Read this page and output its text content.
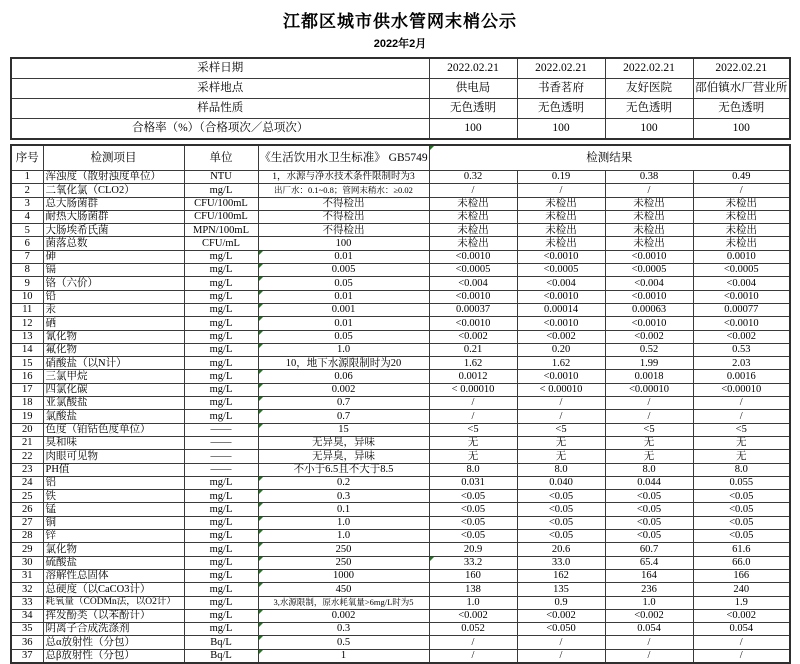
江都区城市供水管网末梢公示
2022年2月
采样日期	2022.02.21	2022.02.21	2022.02.21	2022.02.21
采样地点	供电局	书香茗府	友好医院	邵伯镇水厂营业所
样品性质	无色透明	无色透明	无色透明	无色透明
合格率（%）（合格项次／总项次）	100	100	100	100
序号	检测项目	单位	《生活饮用水卫生标准》 GB5749	检测结果			
1	浑浊度（散射浊度单位）	NTU	1，水源与净水技术条件限制时为3	0.32	0.19	0.38	0.49
2	二氧化氯（CLO2）	mg/L	出厂水：0.1~0.8；管网末稍水：≥0.02	/	/	/	/
3	总大肠菌群	CFU/100mL	不得检出	未检出	未检出	未检出	未检出
4	耐热大肠菌群	CFU/100mL	不得检出	未检出	未检出	未检出	未检出
5	大肠埃希氏菌	MPN/100mL	不得检出	未检出	未检出	未检出	未检出
6	菌落总数	CFU/mL	100	未检出	未检出	未检出	未检出
7	砷	mg/L	0.01	<0.0010	<0.0010	<0.0010	0.0010
8	镉	mg/L	0.005	<0.0005	<0.0005	<0.0005	<0.0005
9	铬（六价）	mg/L	0.05	<0.004	<0.004	<0.004	<0.004
10	铅	mg/L	0.01	<0.0010	<0.0010	<0.0010	<0.0010
11	汞	mg/L	0.001	0.00037	0.00014	0.00063	0.00077
12	硒	mg/L	0.01	<0.0010	<0.0010	<0.0010	<0.0010
13	氰化物	mg/L	0.05	<0.002	<0.002	<0.002	<0.002
14	氟化物	mg/L	1.0	0.21	0.20	0.52	0.53
15	硝酸盐（以N计）	mg/L	10，地下水源限制时为20	1.62	1.62	1.99	2.03
16	三氯甲烷	mg/L	0.06	0.0012	<0.0010	0.0018	0.0016
17	四氯化碳	mg/L	0.002	< 0.00010	< 0.00010	<0.00010	<0.00010
18	亚氯酸盐	mg/L	0.7	/	/	/	/
19	氯酸盐	mg/L	0.7	/	/	/	/
20	色度（铂钴色度单位）	——	15	<5	<5	<5	<5
21	臭和味	——	无异臭，异味	无	无	无	无
22	肉眼可见物	——	无异臭，异味	无	无	无	无
23	PH值	——	不小于6.5且不大于8.5	8.0	8.0	8.0	8.0
24	铝	mg/L	0.2	0.031	0.040	0.044	0.055
25	铁	mg/L	0.3	<0.05	<0.05	<0.05	<0.05
26	锰	mg/L	0.1	<0.05	<0.05	<0.05	<0.05
27	铜	mg/L	1.0	<0.05	<0.05	<0.05	<0.05
28	锌	mg/L	1.0	<0.05	<0.05	<0.05	<0.05
29	氯化物	mg/L	250	20.9	20.6	60.7	61.6
30	硫酸盐	mg/L	250	33.2	33.0	65.4	66.0
31	溶解性总固体	mg/L	1000	160	162	164	166
32	总硬度（以CaCO3计）	mg/L	450	138	135	236	240
33	耗氧量（CODMn法，以O2计）	mg/L	3,水源限制，原水耗氧量>6mg/L时为5	1.0	0.9	1.0	1.9
34	挥发酚类（以苯酚计）	mg/L	0.002	<0.002	<0.002	<0.002	<0.002
35	阴离子合成洗涤剂	mg/L	0.3	0.052	<0.050	0.054	0.054
36	总α放射性（分包）	Bq/L	0.5	/	/	/	/
37	总β放射性（分包）	Bq/L	1	/	/	/	/
